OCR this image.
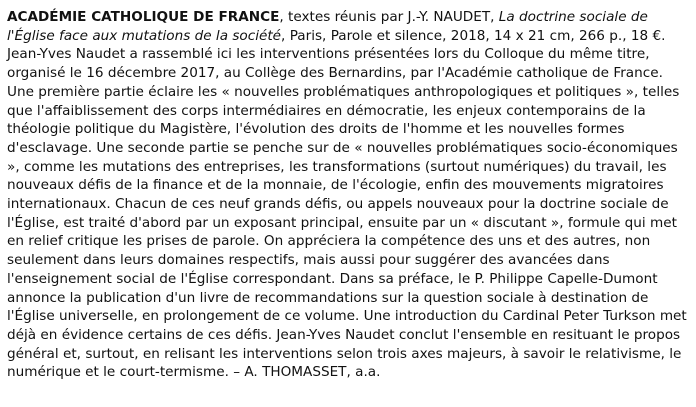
ACADÉMIE CATHOLIQUE DE FRANCE, textes réunis par J.-Y. NAUDET, La doctrine sociale de l'Église face aux mutations de la société, Paris, Parole et silence, 2018, 14 x 21 cm, 266 p., 18 €. Jean-Yves Naudet a rassemblé ici les interventions présentées lors du Colloque du même titre, organisé le 16 décembre 2017, au Collège des Bernardins, par l'Académie catholique de France. Une première partie éclaire les « nouvelles problématiques anthropologiques et politiques », telles que l'affaiblissement des corps intermédiaires en démocratie, les enjeux contemporains de la théologie politique du Magistère, l'évolution des droits de l'homme et les nouvelles formes d'esclavage. Une seconde partie se penche sur de « nouvelles problématiques socio-économiques », comme les mutations des entreprises, les transformations (surtout numériques) du travail, les nouveaux défis de la finance et de la monnaie, de l'écologie, enfin des mouvements migratoires internationaux. Chacun de ces neuf grands défis, ou appels nouveaux pour la doctrine sociale de l'Église, est traité d'abord par un exposant principal, ensuite par un « discutant », formule qui met en relief critique les prises de parole. On appréciera la compétence des uns et des autres, non seulement dans leurs domaines respectifs, mais aussi pour suggérer des avancées dans l'enseignement social de l'Église correspondant. Dans sa préface, le P. Philippe Capelle-Dumont annonce la publication d'un livre de recommandations sur la question sociale à destination de l'Église universelle, en prolongement de ce volume. Une introduction du Cardinal Peter Turkson met déjà en évidence certains de ces défis. Jean-Yves Naudet conclut l'ensemble en resituant le propos général et, surtout, en relisant les interventions selon trois axes majeurs, à savoir le relativisme, le numérique et le court-termisme. – A. THOMASSET, a.a.
